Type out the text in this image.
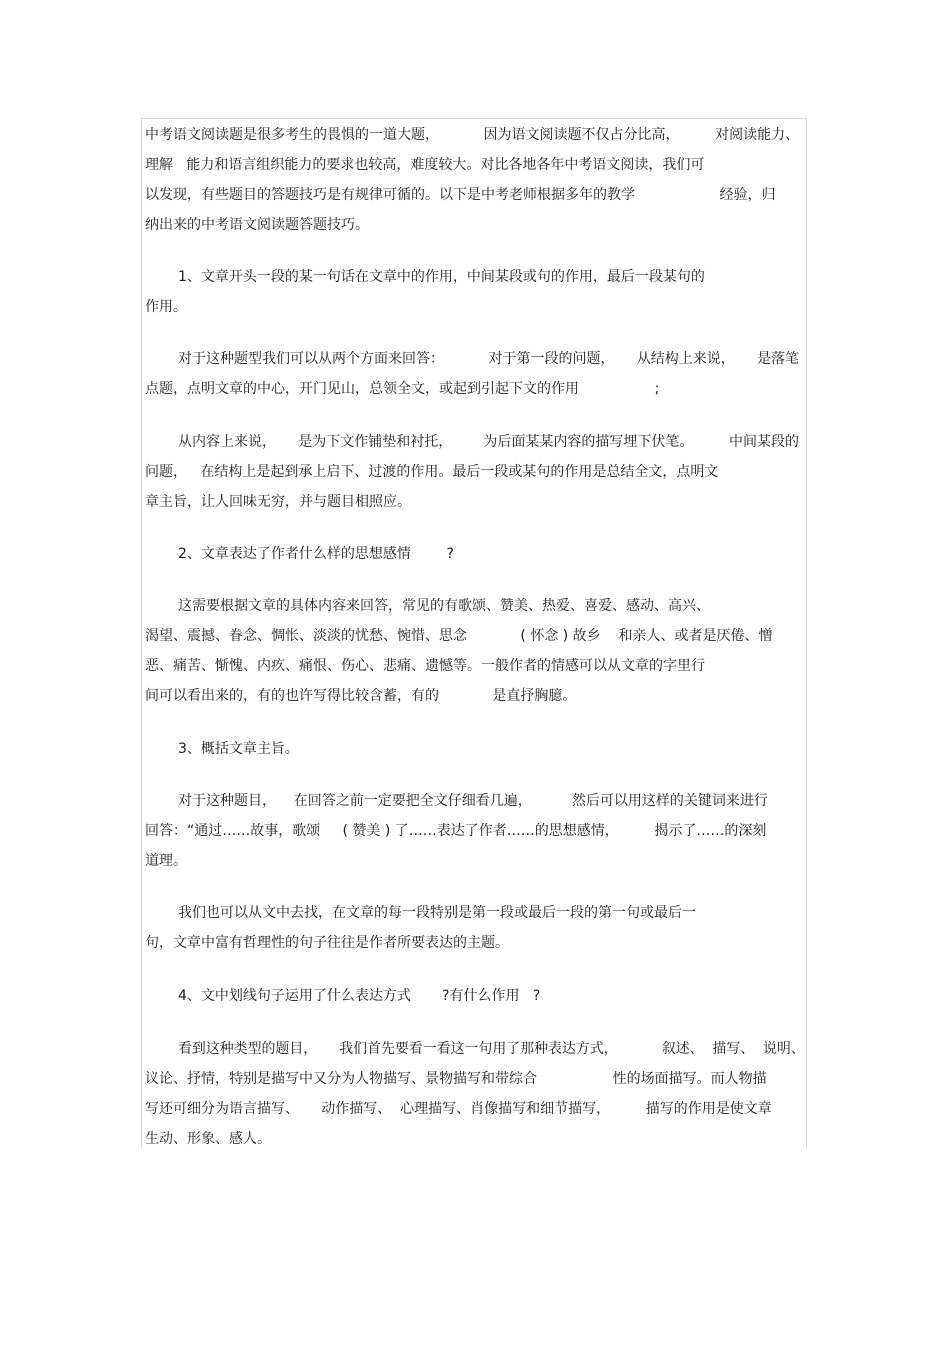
中考语文阅读题是很多考生的畏惧的一道大题，          因为语文阅读题不仅占分比高，        对阅读能力、
理解   能力和语言组织能力的要求也较高，难度较大。对比各地各年中考语文阅读，我们可
以发现，有些题目的答题技巧是有规律可循的。以下是中考老师根据多年的教学                   经验，归
纳出来的中考语文阅读题答题技巧。
1、文章开头一段的某一句话在文章中的作用，中间某段或句的作用，最后一段某句的
作用。
对于这种题型我们可以从两个方面来回答：          对于第一段的问题，     从结构上来说，     是落笔
点题，点明文章的中心，开门见山，总领全文，或起到引起下文的作用                 ;
从内容上来说，     是为下文作铺垫和衬托，       为后面某某内容的描写埋下伏笔。        中间某段的
问题，   在结构上是起到承上启下、过渡的作用。最后一段或某句的作用是总结全文，点明文
章主旨，让人回味无穷，并与题目相照应。
2、文章表达了作者什么样的思想感情        ?
这需要根据文章的具体内容来回答，常见的有歌颂、赞美、热爱、喜爱、感动、高兴、
渴望、震撼、眷念、惆怅、淡淡的忧愁、惋惜、思念            ( 怀念 ) 故乡    和亲人、或者是厌倦、憎
恶、痛苦、惭愧、内疚、痛恨、伤心、悲痛、遗憾等。一般作者的情感可以从文章的字里行
间可以看出来的，有的也许写得比较含蓄，有的            是直抒胸臆。
3、概括文章主旨。
对于这种题目，    在回答之前一定要把全文仔细看几遍，         然后可以用这样的关键词来进行
回答：“通过……故事，歌颂     ( 赞美 ) 了……表达了作者……的思想感情，        揭示了……的深刻
道理。
我们也可以从文中去找，在文章的每一段特别是第一段或最后一段的第一句或最后一
句，文章中富有哲理性的句子往往是作者所要表达的主题。
4、文中划线句子运用了什么表达方式       ?有什么作用   ?
看到这种类型的题目，     我们首先要看一看这一句用了那种表达方式，          叙述、  描写、  说明、
议论、抒情，特别是描写中又分为人物描写、景物描写和带综合                 性的场面描写。而人物描
写还可细分为语言描写、     动作描写、  心理描写、肖像描写和细节描写，        描写的作用是使文章
生动、形象、感人。
